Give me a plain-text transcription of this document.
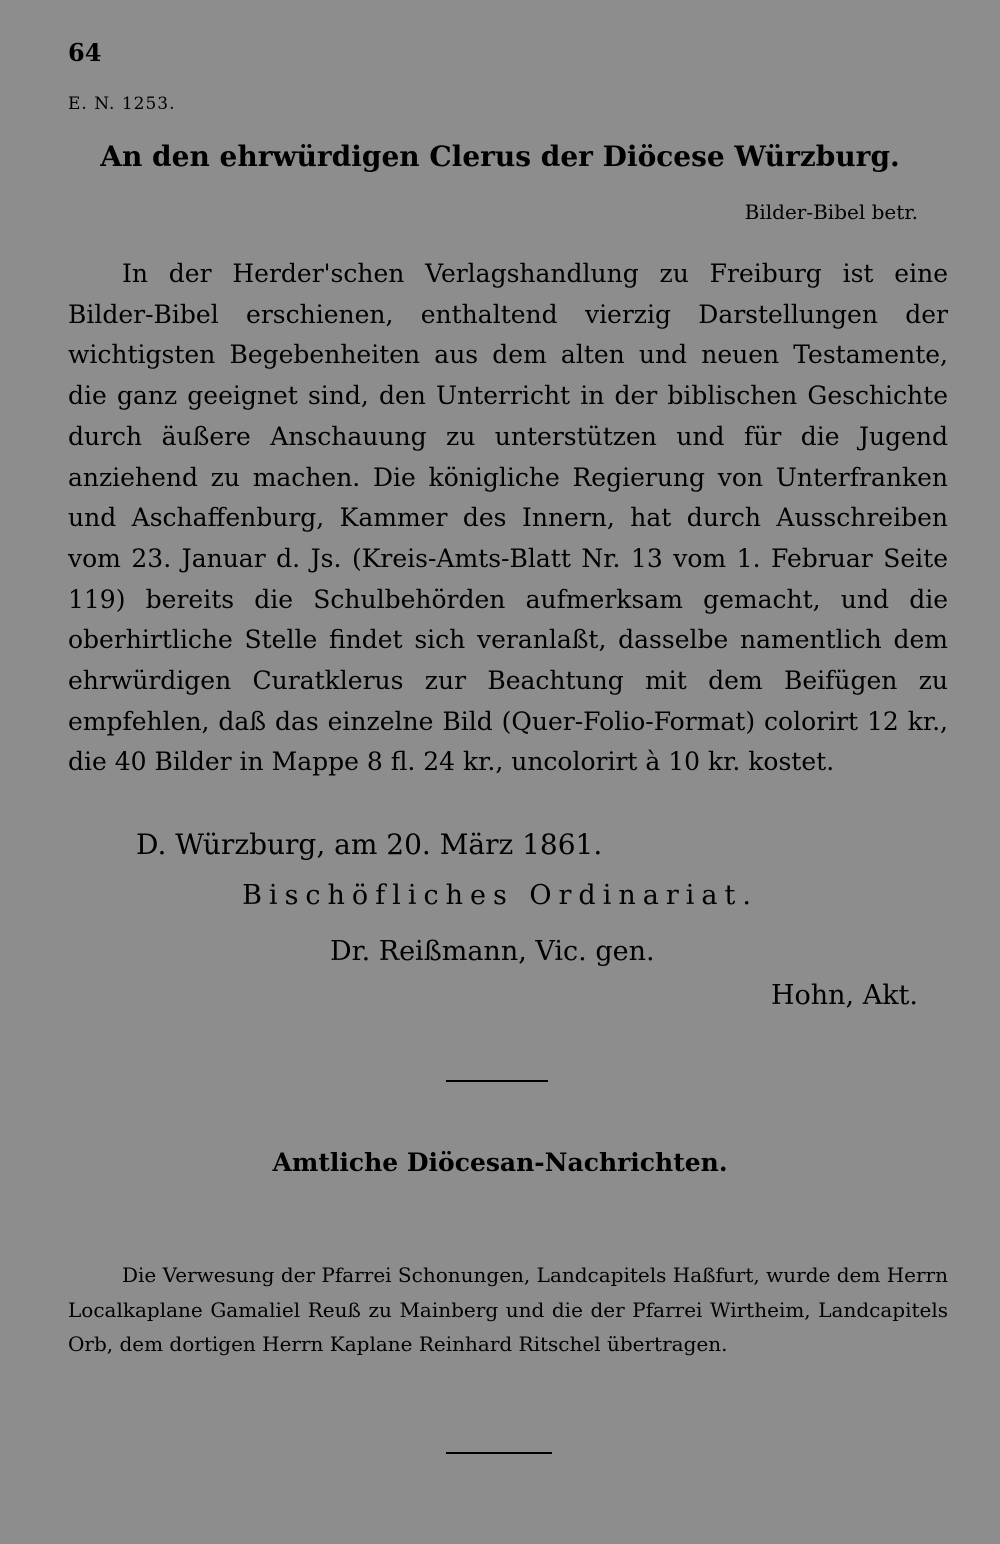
64
E. N. 1253.
An den ehrwürdigen Clerus der Diöcese Würzburg.
Bilder-Bibel betr.

In der Herder'schen Verlagshandlung zu Freiburg ist eine Bilder-Bibel erschienen, enthaltend vierzig Darstellungen der wichtigsten Begebenheiten aus dem alten und neuen Testamente, die ganz geeignet sind, den Unterricht in der biblischen Geschichte durch äußere Anschauung zu unterstützen und für die Jugend anziehend zu machen. Die königliche Regierung von Unterfranken und Aschaffenburg, Kammer des Innern, hat durch Ausschreiben vom 23. Januar d. Js. (Kreis-Amts-Blatt Nr. 13 vom 1. Februar Seite 119) bereits die Schulbehörden aufmerksam gemacht, und die oberhirtliche Stelle findet sich veranlaßt, dasselbe namentlich dem ehrwürdigen Curatklerus zur Beachtung mit dem Beifügen zu empfehlen, daß das einzelne Bild (Quer-Folio-Format) colorirt 12 kr., die 40 Bilder in Mappe 8 fl. 24 kr., uncolorirt à 10 kr. kostet.

D. Würzburg, am 20. März 1861.
Bischöfliches Ordinariat.
Dr. Reißmann, Vic. gen.
Hohn, Akt.
Amtliche Diöcesan-Nachrichten.

Die Verwesung der Pfarrei Schonungen, Landcapitels Haßfurt, wurde dem Herrn Localkaplane Gamaliel Reuß zu Mainberg und die der Pfarrei Wirtheim, Landcapitels Orb, dem dortigen Herrn Kaplane Reinhard Ritschel übertragen.
